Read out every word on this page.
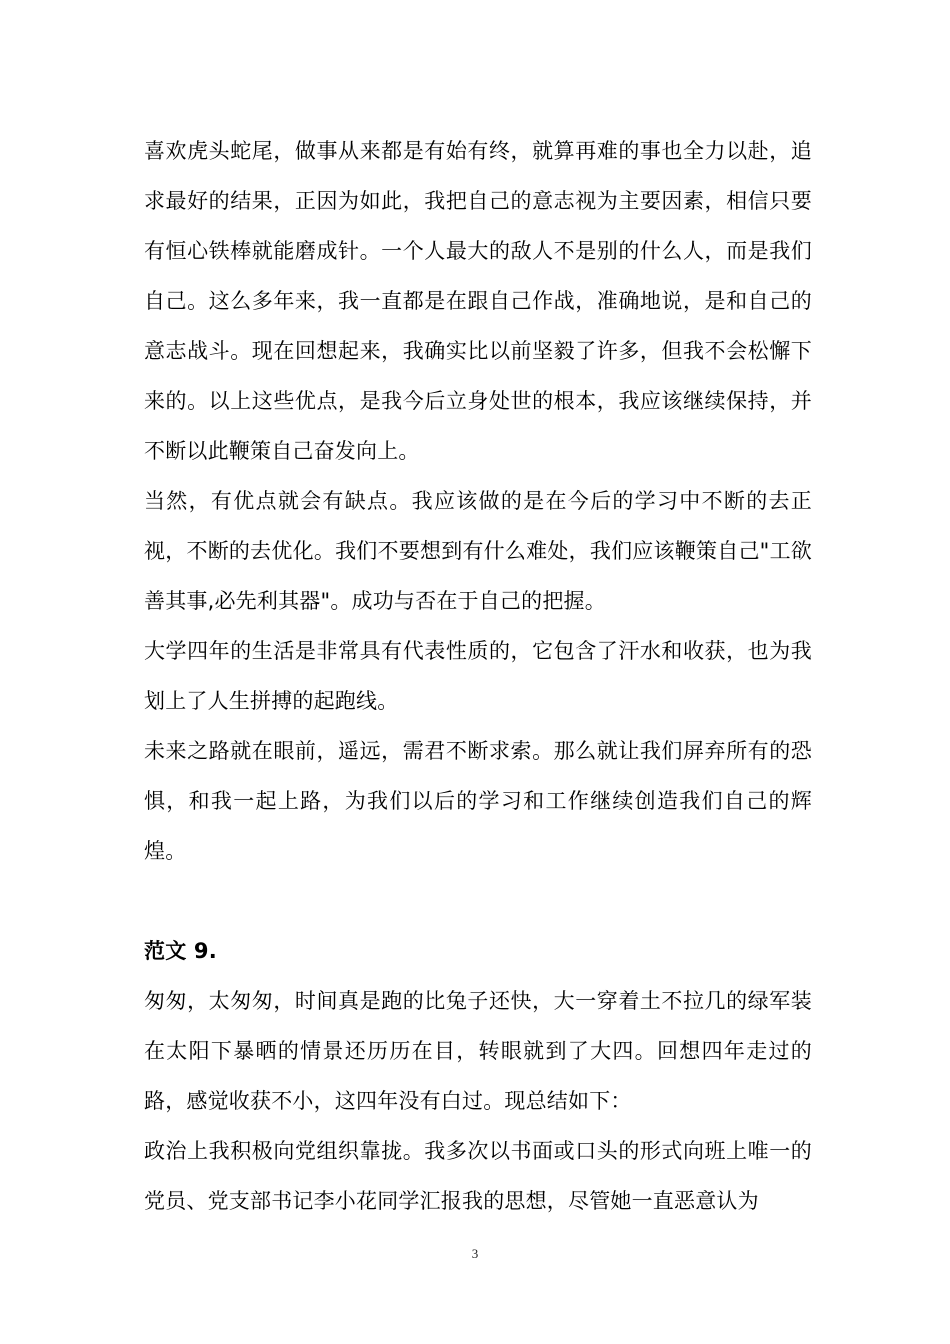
喜欢虎头蛇尾，做事从来都是有始有终，就算再难的事也全力以赴，追求最好的结果，正因为如此，我把自己的意志视为主要因素，相信只要有恒心铁棒就能磨成针。一个人最大的敌人不是别的什么人，而是我们自己。这么多年来，我一直都是在跟自己作战，准确地说，是和自己的意志战斗。现在回想起来，我确实比以前坚毅了许多，但我不会松懈下来的。以上这些优点，是我今后立身处世的根本，我应该继续保持，并不断以此鞭策自己奋发向上。

当然，有优点就会有缺点。我应该做的是在今后的学习中不断的去正视，不断的去优化。我们不要想到有什么难处，我们应该鞭策自己"工欲善其事,必先利其器"。成功与否在于自己的把握。

大学四年的生活是非常具有代表性质的，它包含了汗水和收获，也为我划上了人生拼搏的起跑线。

未来之路就在眼前，遥远，需君不断求索。那么就让我们屏弃所有的恐惧，和我一起上路，为我们以后的学习和工作继续创造我们自己的辉煌。

范文 9.

匆匆，太匆匆，时间真是跑的比兔子还快，大一穿着土不拉几的绿军装在太阳下暴晒的情景还历历在目，转眼就到了大四。回想四年走过的路，感觉收获不小，这四年没有白过。现总结如下：

政治上我积极向党组织靠拢。我多次以书面或口头的形式向班上唯一的党员、党支部书记李小花同学汇报我的思想，尽管她一直恶意认为

3
